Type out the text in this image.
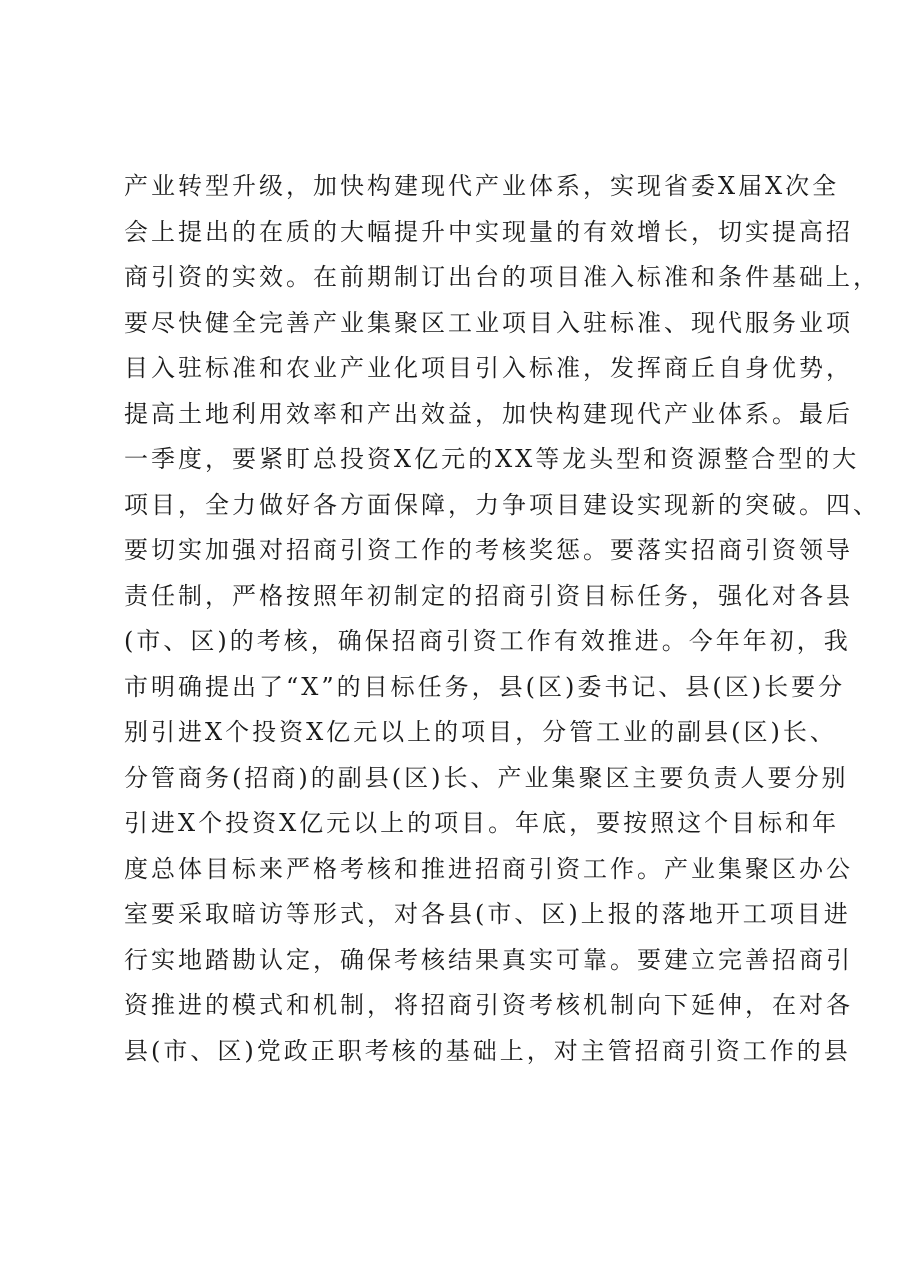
产业转型升级，加快构建现代产业体系，实现省委X届X次全
会上提出的在质的大幅提升中实现量的有效增长，切实提高招
商引资的实效。在前期制订出台的项目准入标准和条件基础上，
要尽快健全完善产业集聚区工业项目入驻标准、现代服务业项
目入驻标准和农业产业化项目引入标准，发挥商丘自身优势，
提高土地利用效率和产出效益，加快构建现代产业体系。最后
一季度，要紧盯总投资X亿元的XX等龙头型和资源整合型的大
项目，全力做好各方面保障，力争项目建设实现新的突破。四、
要切实加强对招商引资工作的考核奖惩。要落实招商引资领导
责任制，严格按照年初制定的招商引资目标任务，强化对各县
(市、区)的考核，确保招商引资工作有效推进。今年年初，我
市明确提出了“X”的目标任务，县(区)委书记、县(区)长要分
别引进X个投资X亿元以上的项目，分管工业的副县(区)长、
分管商务(招商)的副县(区)长、产业集聚区主要负责人要分别
引进X个投资X亿元以上的项目。年底，要按照这个目标和年
度总体目标来严格考核和推进招商引资工作。产业集聚区办公
室要采取暗访等形式，对各县(市、区)上报的落地开工项目进
行实地踏勘认定，确保考核结果真实可靠。要建立完善招商引
资推进的模式和机制，将招商引资考核机制向下延伸，在对各
县(市、区)党政正职考核的基础上，对主管招商引资工作的县
